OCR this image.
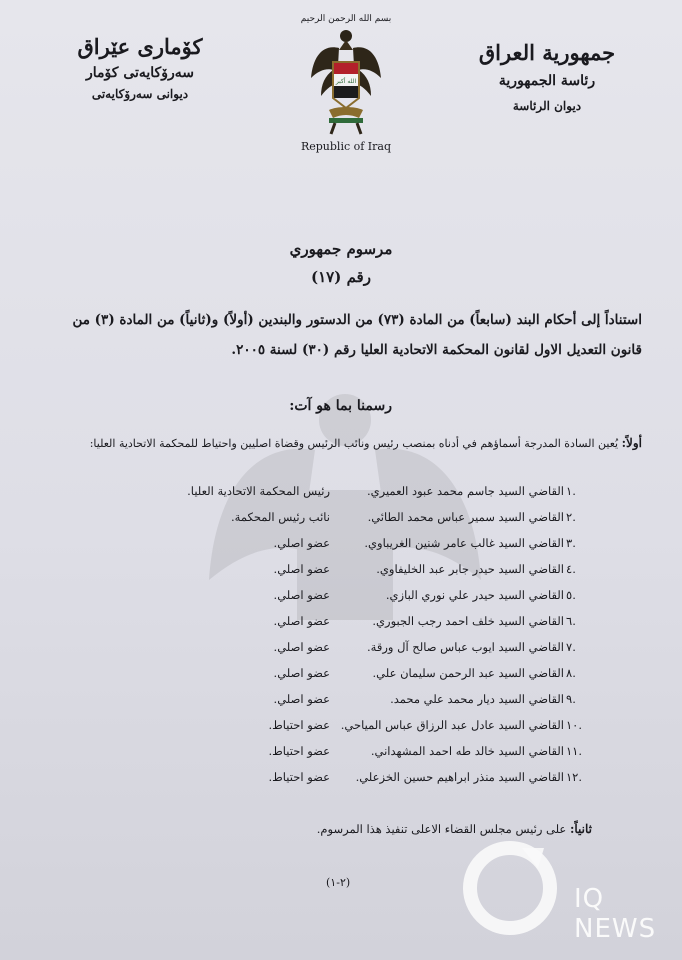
جمهورية العراق
رئاسة الجمهورية
ديوان الرئاسة
كۆماری عێراق
سەرۆكایەتی كۆمار
دیوانی سەرۆكایەتی
بسم الله الرحمن الرحيم
الله أكبر
Republic of Iraq
مرسوم جمهوري
رقم (١٧)
استناداً إلى أحكام البند (سابعاً) من المادة (٧٣) من الدستور والبندين (أولاً) و(ثانياً) من المادة (٣) من قانون التعديل الاول لقانون المحكمة الاتحادية العليا رقم (٣٠) لسنة ٢٠٠٥.
رسمنا بما هو آت:
أولاً: يُعين السادة المدرجة أسماؤهم في أدناه بمنصب رئيس ونائب الرئيس وقضاة اصليين واحتياط للمحكمة الاتحادية العليا:
.١
القاضي السيد جاسم محمد عبود العميري.
رئيس المحكمة الاتحادية العليا.
.٢
القاضي السيد سمير عباس محمد الطائي.
نائب رئيس المحكمة.
.٣
القاضي السيد غالب عامر شنين الغريباوي.
عضو اصلي.
.٤
القاضي السيد حيدر جابر عبد الخليفاوي.
عضو اصلي.
.٥
القاضي السيد حيدر علي نوري البازي.
عضو اصلي.
.٦
القاضي السيد خلف احمد رجب الجبوري.
عضو اصلي.
.٧
القاضي السيد ايوب عباس صالح آل ورقة.
عضو اصلي.
.٨
القاضي السيد عبد الرحمن سليمان علي.
عضو اصلي.
.٩
القاضي السيد ديار محمد علي محمد.
عضو اصلي.
.١٠
القاضي السيد عادل عبد الرزاق عباس المياحي.
عضو احتياط.
.١١
القاضي السيد خالد طه احمد المشهداني.
عضو احتياط.
.١٢
القاضي السيد منذر ابراهيم حسين الخزعلي.
عضو احتياط.
ثانياً: على رئيس مجلس القضاء الاعلى تنفيذ هذا المرسوم.
(٢-١)
IQ NEWS
